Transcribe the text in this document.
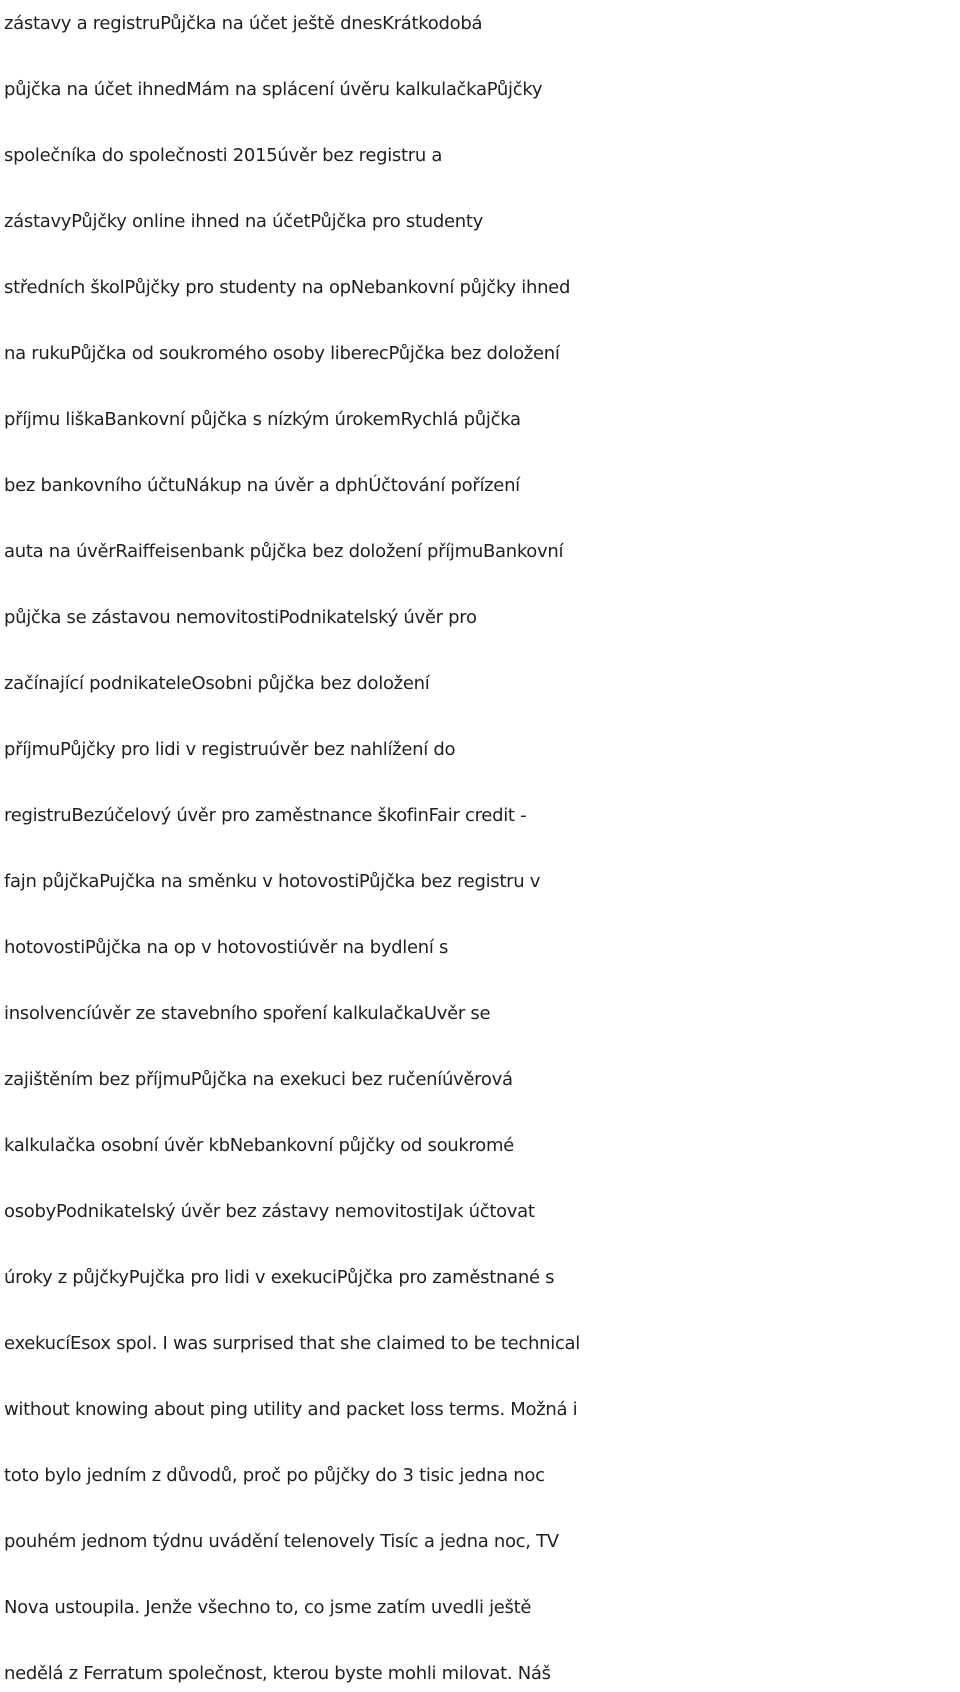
zástavy a registruPůjčka na účet ještě dnesKrátkodobá
půjčka na účet ihnedMám na splácení úvěru kalkulačkaPůjčky
společníka do společnosti 2015úvěr bez registru a
zástavyPůjčky online ihned na účetPůjčka pro studenty
středních školPůjčky pro studenty na opNebankovní půjčky ihned
na rukuPůjčka od soukromého osoby liberecPůjčka bez doložení
příjmu liškaBankovní půjčka s nízkým úrokemRychlá půjčka
bez bankovního účtuNákup na úvěr a dphÚčtování pořízení
auta na úvěrRaiffeisenbank půjčka bez doložení příjmuBankovní
půjčka se zástavou nemovitostiPodnikatelský úvěr pro
začínající podnikateleOsobni půjčka bez doložení
příjmuPůjčky pro lidi v registruúvěr bez nahlížení do
registruBezúčelový úvěr pro zaměstnance škofinFair credit -
fajn půjčkaPujčka na směnku v hotovostiPůjčka bez registru v
hotovostiPůjčka na op v hotovostiúvěr na bydlení s
insolvencíúvěr ze stavebního spoření kalkulačkaUvěr se
zajištěním bez příjmuPůjčka na exekuci bez ručeníúvěrová
kalkulačka osobní úvěr kbNebankovní půjčky od soukromé
osobyPodnikatelský úvěr bez zástavy nemovitostiJak účtovat
úroky z půjčkyPujčka pro lidi v exekuciPůjčka pro zaměstnané s
exekucíEsox spol. I was surprised that she claimed to be technical
without knowing about ping utility and packet loss terms. Možná i
toto bylo jedním z důvodů, proč po půjčky do 3 tisic jedna noc
pouhém jednom týdnu uvádění telenovely Tisíc a jedna noc, TV
Nova ustoupila. Jenže všechno to, co jsme zatím uvedli ještě
nedělá z Ferratum společnost, kterou byste mohli milovat. Náš
